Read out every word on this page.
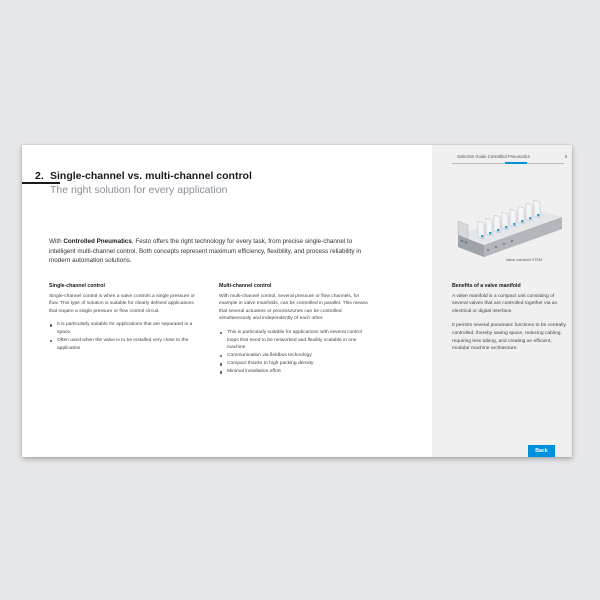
Selection Guide Controlled Pneumatics	5
2. Single-channel vs. multi-channel control
The right solution for every application
With Controlled Pneumatics, Festo offers the right technology for every task, from precise single-channel to intelligent multi-channel control. Both concepts represent maximum efficiency, flexibility, and process reliability in modern automation solutions.
Single-channel control

Single-channel control is when a valve controls a single pressure or flow. This type of solution is suitable for clearly defined applications that require a single pressure or flow control circuit.

It is particularly suitable for applications that are separated in a space.
Often used when the valve is to be installed very close to the application
Multi-channel control

With multi-channel control, several pressure or flow channels, for example in valve manifolds, can be controlled in parallel. This means that several actuators or processzones can be controlled simultaneously and independently of each other.

This is particularly suitable for applications with several control loops that need to be networked and flexibly scalable in one machine
Communication via fieldbus technology
Compact thanks to high packing density
Minimal installation effort
Valve manifold VTEM
Benefits of a valve manifold

A valve manifold is a compact unit consisting of several valves that are controlled together via an electrical or digital interface.

It permits several pneumatic functions to be centrally controlled, thereby saving space, reducing cabling, requiring less tubing, and creating an efficient, modular machine architecture.

Back
